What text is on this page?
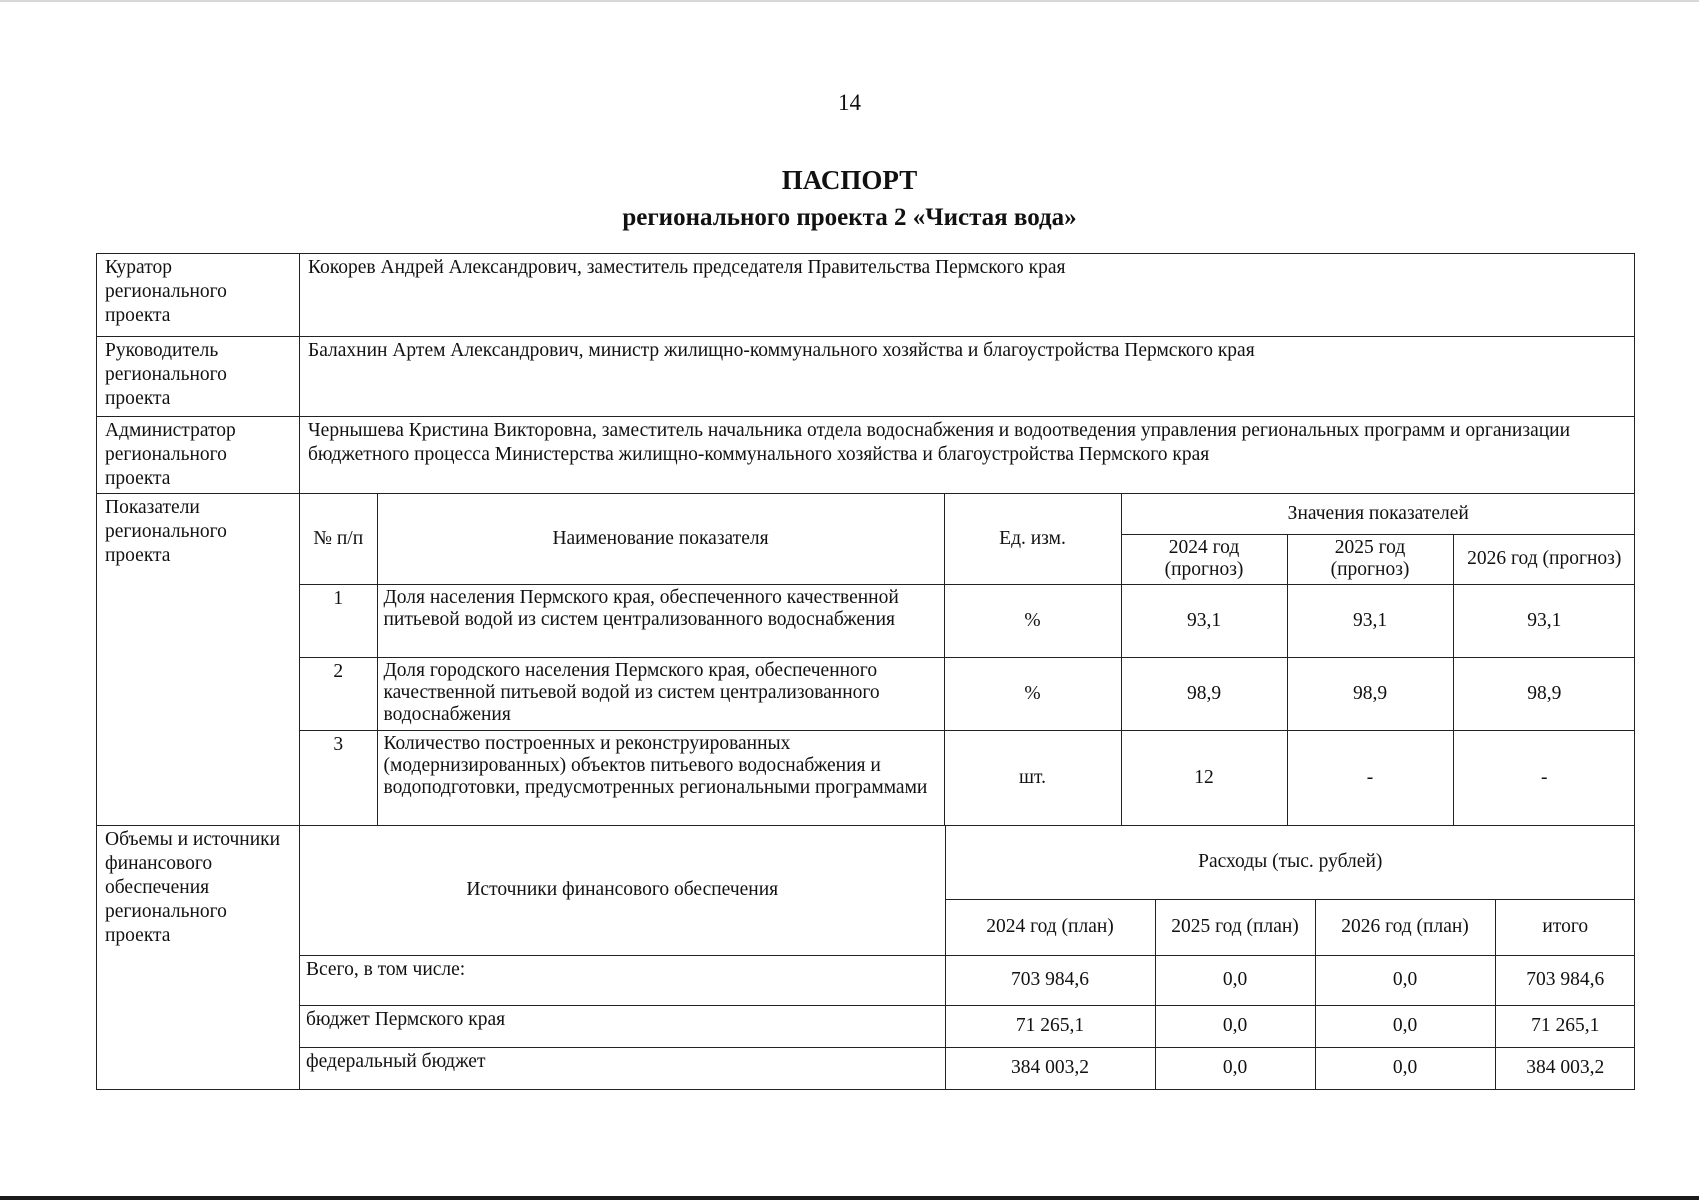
14
ПАСПОРТ
регионального проекта 2 «Чистая вода»
Куратор регионального проекта	Кокорев Андрей Александрович, заместитель председателя Правительства Пермского края
Руководитель регионального проекта	Балахнин Артем Александрович, министр жилищно-коммунального хозяйства и благоустройства Пермского края
Администратор регионального проекта	Чернышева Кристина Викторовна, заместитель начальника отдела водоснабжения и водоотведения управления региональных программ и организации бюджетного процесса Министерства жилищно-коммунального хозяйства и благоустройства Пермского края
Показатели регионального проекта	
№ п/п	Наименование показателя	Ед. изм.	Значения показателей
2024 год (прогноз)	2025 год (прогноз)	2026 год (прогноз)
1	Доля населения Пермского края, обеспеченного качественной питьевой водой из систем централизованного водоснабжения	%	93,1	93,1	93,1
2	Доля городского населения Пермского края, обеспеченного качественной питьевой водой из систем централизованного водоснабжения	%	98,9	98,9	98,9
3	Количество построенных и реконструированных (модернизированных) объектов питьевого водоснабжения и водоподготовки, предусмотренных региональными программами	шт.	12	-	-

Объемы и источники финансового обеспечения регионального проекта	
Источники финансового обеспечения	Расходы (тыс. рублей)
2024 год (план)	2025 год (план)	2026 год (план)	итого
Всего, в том числе:	703 984,6	0,0	0,0	703 984,6
бюджет Пермского края	71 265,1	0,0	0,0	71 265,1
федеральный бюджет	384 003,2	0,0	0,0	384 003,2
